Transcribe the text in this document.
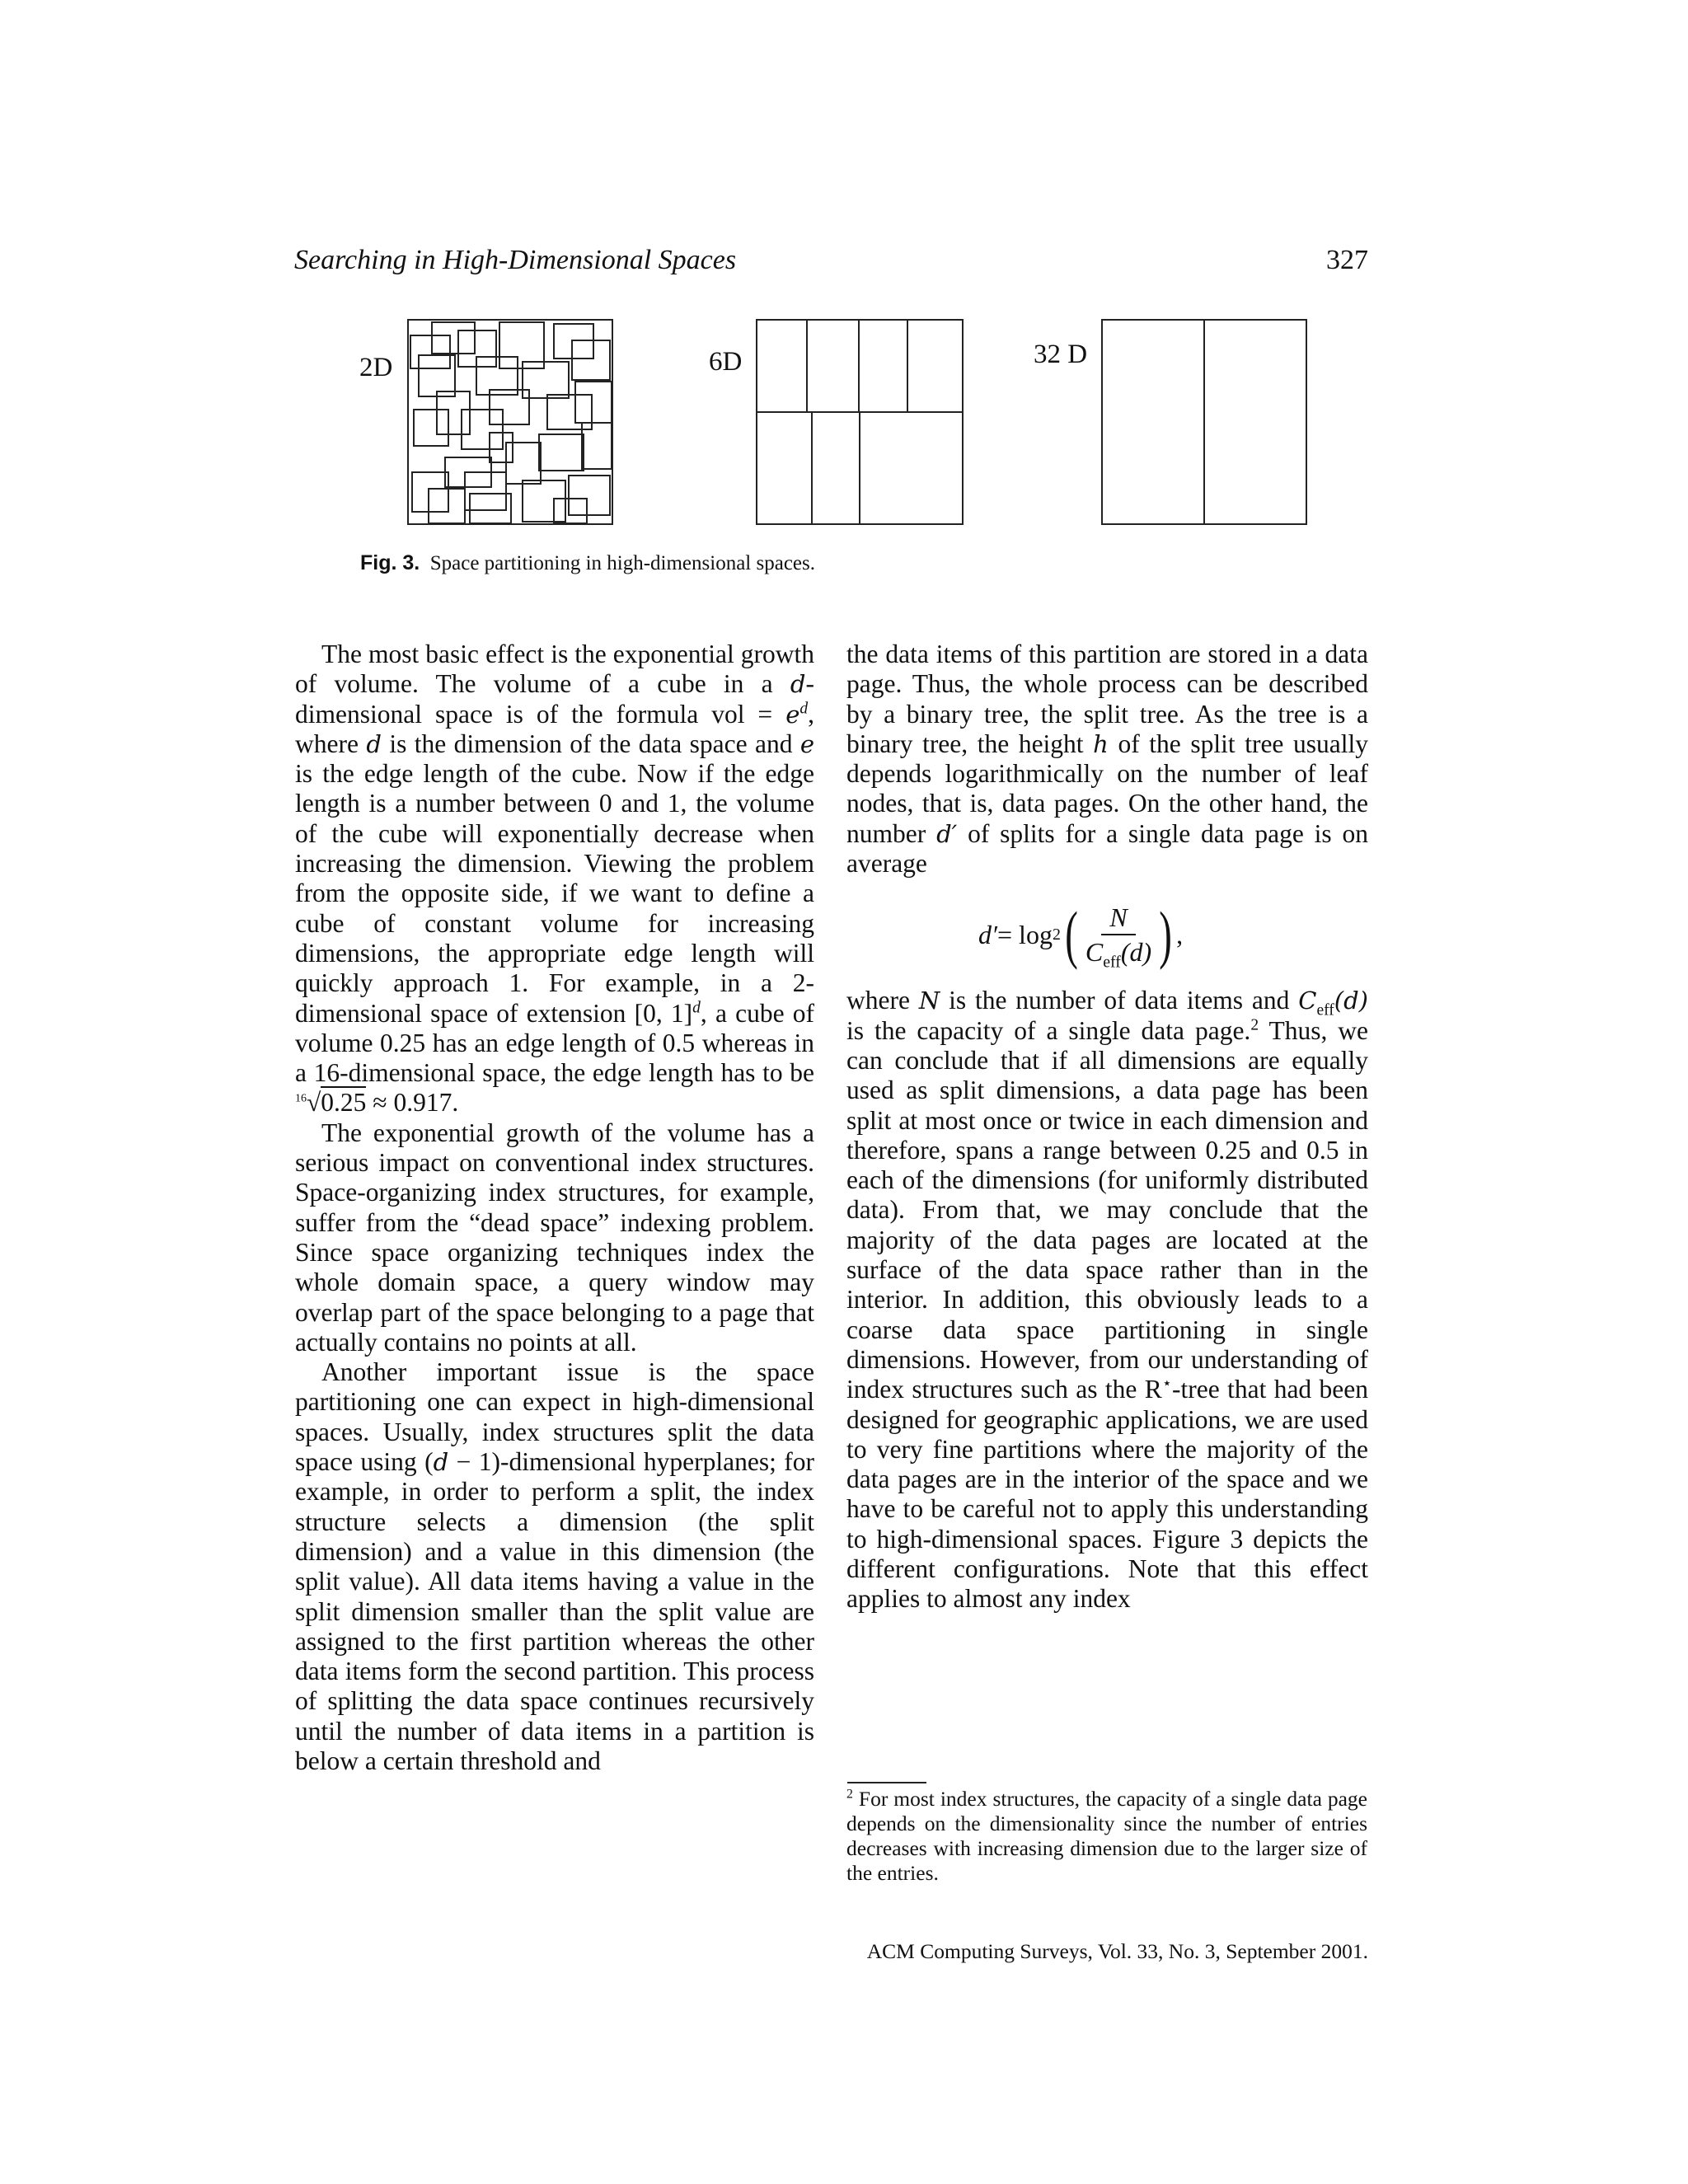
Searching in High-Dimensional Spaces	327
2D	6D	32 D
Fig. 3. Space partitioning in high-dimensional spaces.

The most basic effect is the exponential growth of volume. The volume of a cube in a d-dimensional space is of the formula vol = $e^d$, where d is the dimension of the data space and e is the edge length of the cube. Now if the edge length is a number between 0 and 1, the volume of the cube will exponentially decrease when increasing the dimension. Viewing the problem from the opposite side, if we want to define a cube of constant volume for increasing dimensions, the appropriate edge length will quickly approach 1. For example, in a 2-dimensional space of extension [0, 1]$^d$, a cube of volume 0.25 has an edge length of 0.5 whereas in a 16-dimensional space, the edge length has to be $^{16}$√0.25 ≈ 0.917.

The exponential growth of the volume has a serious impact on conventional index structures. Space-organizing index structures, for example, suffer from the “dead space” indexing problem. Since space organizing techniques index the whole domain space, a query window may overlap part of the space belonging to a page that actually contains no points at all.

Another important issue is the space partitioning one can expect in high-dimensional spaces. Usually, index structures split the data space using (d − 1)-dimensional hyperplanes; for example, in order to perform a split, the index structure selects a dimension (the split dimension) and a value in this dimension (the split value). All data items having a value in the split dimension smaller than the split value are assigned to the first partition whereas the other data items form the second partition. This process of splitting the data space continues recursively until the number of data items in a partition is below a certain threshold and

the data items of this partition are stored in a data page. Thus, the whole process can be described by a binary tree, the split tree. As the tree is a binary tree, the height h of the split tree usually depends logarithmically on the number of leaf nodes, that is, data pages. On the other hand, the number d′ of splits for a single data page is on average

d′ = log 2 ( $\frac{N}{C_{eff}(d)}$ ) ,

where N is the number of data items and $C_{eff}(d)$ is the capacity of a single data page.$^2$ Thus, we can conclude that if all dimensions are equally used as split dimensions, a data page has been split at most once or twice in each dimension and therefore, spans a range between 0.25 and 0.5 in each of the dimensions (for uniformly distributed data). From that, we may conclude that the majority of the data pages are located at the surface of the data space rather than in the interior. In addition, this obviously leads to a coarse data space partitioning in single dimensions. However, from our understanding of index structures such as the R⋆-tree that had been designed for geographic applications, we are used to very fine partitions where the majority of the data pages are in the interior of the space and we have to be careful not to apply this understanding to high-dimensional spaces. Figure 3 depicts the different configurations. Note that this effect applies to almost any index

$^2$ For most index structures, the capacity of a single data page depends on the dimensionality since the number of entries decreases with increasing dimension due to the larger size of the entries.
ACM Computing Surveys, Vol. 33, No. 3, September 2001.
